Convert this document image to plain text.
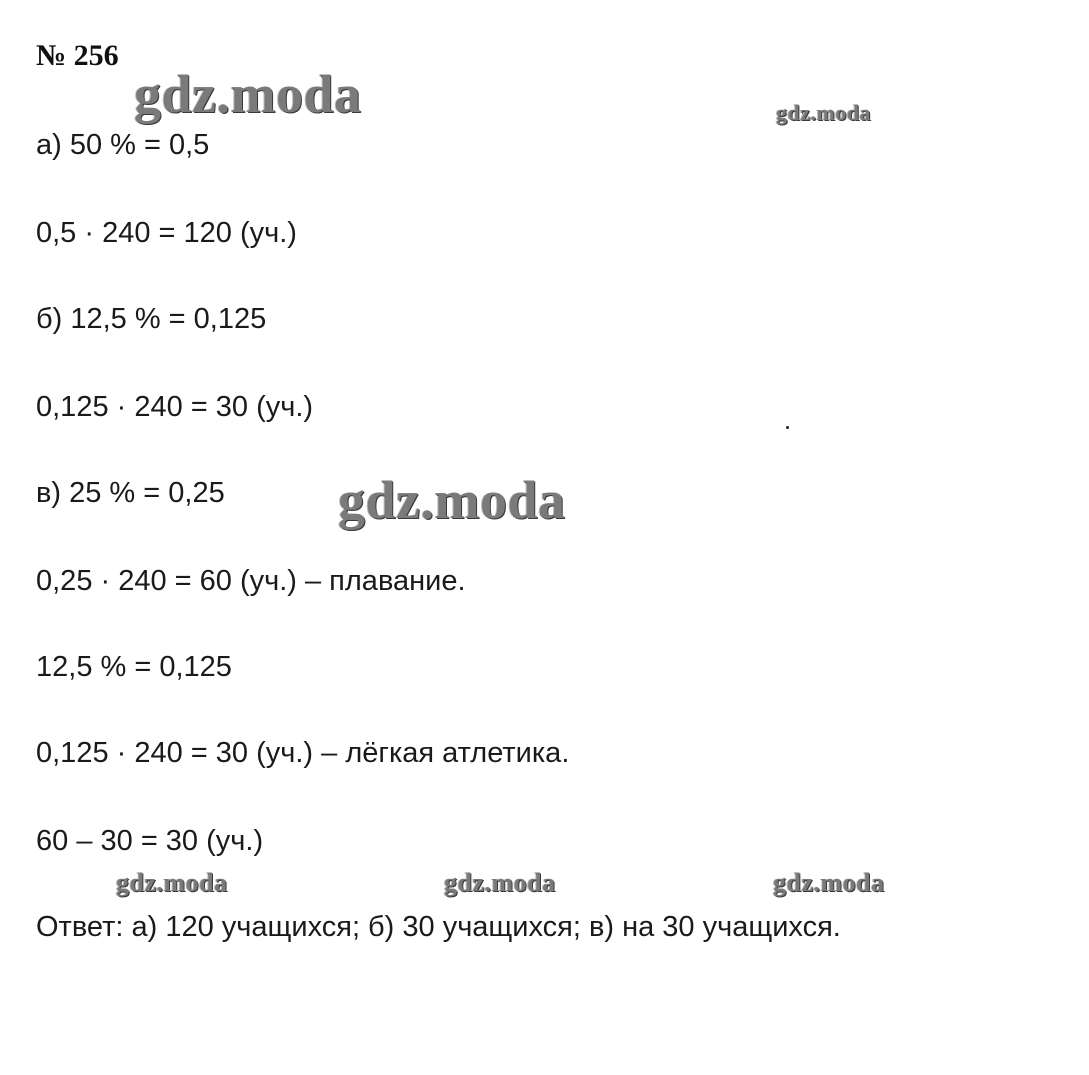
№ 256
а) 50 % = 0,5
0,5 · 240 = 120 (уч.)
б) 12,5 % = 0,125
0,125 · 240 = 30 (уч.)
в) 25 % = 0,25
0,25 · 240 = 60 (уч.) – плавание.
12,5 % = 0,125
0,125 · 240 = 30 (уч.) – лёгкая атлетика.
60 – 30 = 30 (уч.)
Ответ: а) 120 учащихся; б) 30 учащихся; в) на 30 учащихся.
gdz.moda	gdz.moda
gdz.moda
gdz.moda	gdz.moda	gdz.moda
